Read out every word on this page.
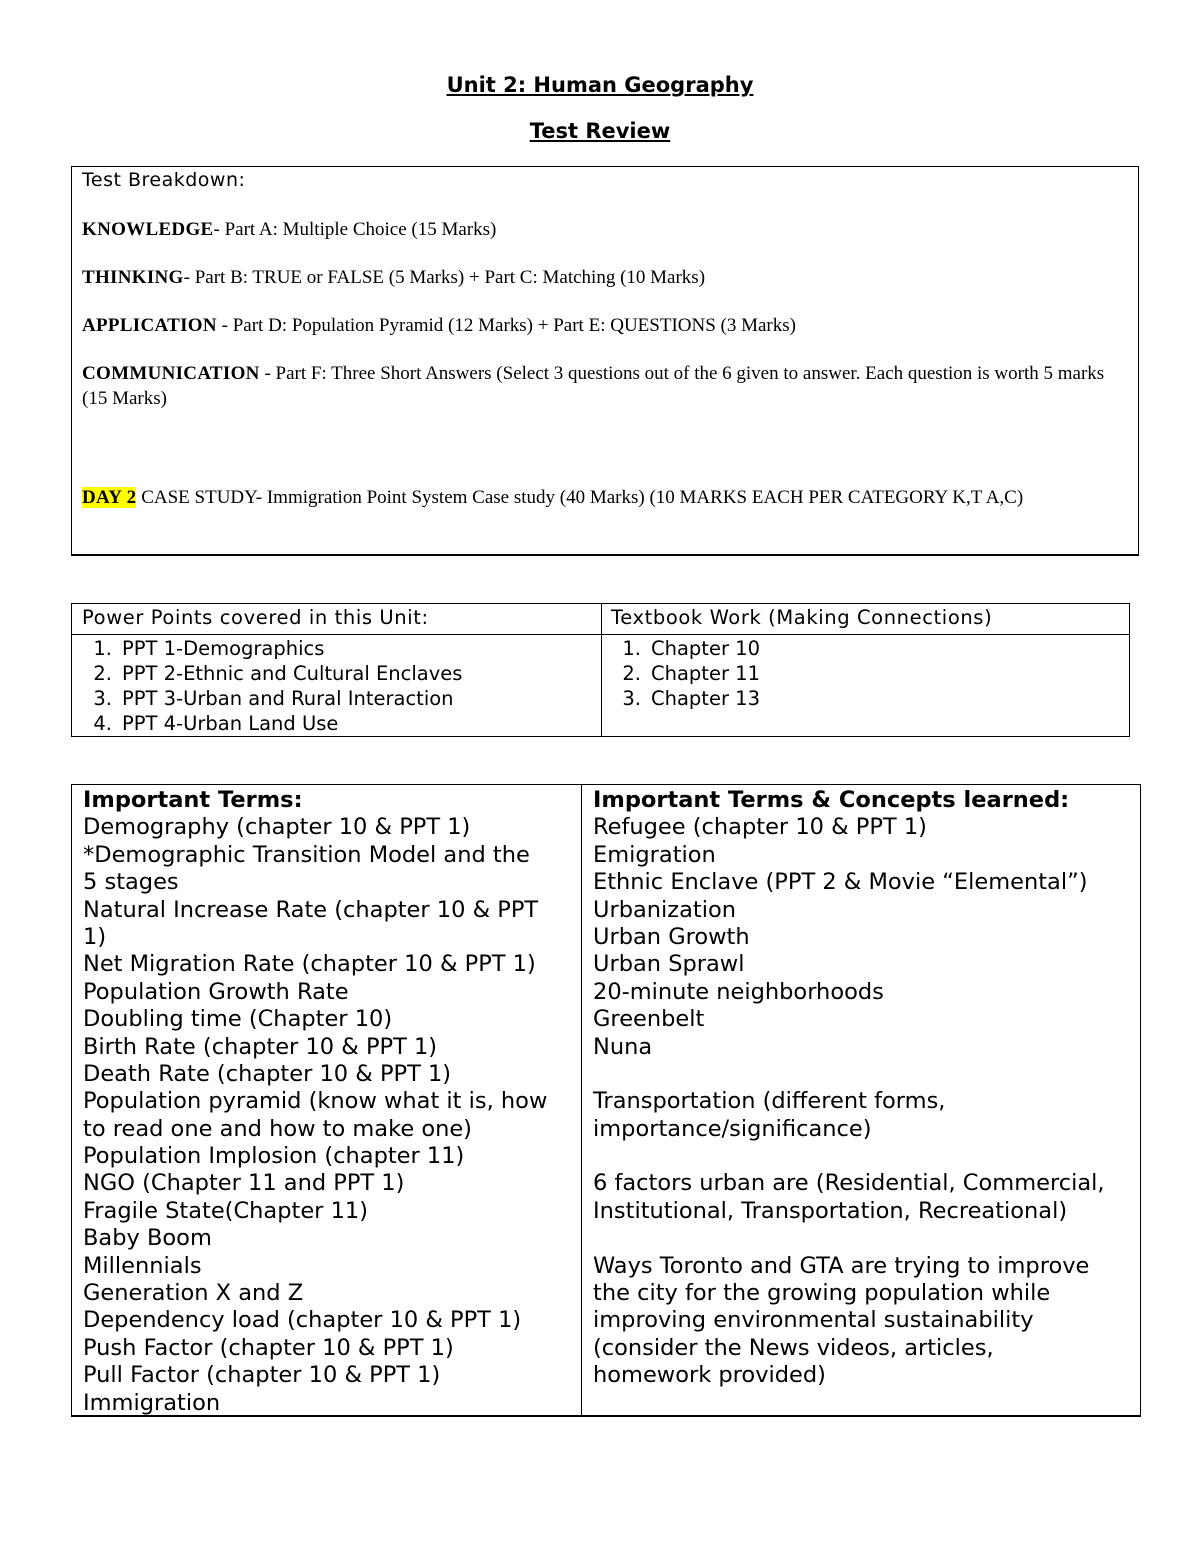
Unit 2: Human Geography
Test Review
Test Breakdown:
KNOWLEDGE- Part A: Multiple Choice (15 Marks)
THINKING- Part B: TRUE or FALSE (5 Marks) + Part C: Matching (10 Marks)
APPLICATION - Part D: Population Pyramid (12 Marks) + Part E: QUESTIONS (3 Marks)
COMMUNICATION - Part F: Three Short Answers (Select 3 questions out of the 6 given to answer. Each question is worth 5 marks (15 Marks)
DAY 2 CASE STUDY- Immigration Point System Case study (40 Marks) (10 MARKS EACH PER CATEGORY K,T A,C)
Power Points covered in this Unit:	Textbook Work (Making Connections)
1. PPT 1-Demographics
2. PPT 2-Ethnic and Cultural Enclaves
3. PPT 3-Urban and Rural Interaction
4. PPT 4-Urban Land Use
1. Chapter 10
2. Chapter 11
3. Chapter 13
Important Terms:
Demography (chapter 10 & PPT 1)
*Demographic Transition Model and the
5 stages
Natural Increase Rate (chapter 10 & PPT
1)
Net Migration Rate (chapter 10 & PPT 1)
Population Growth Rate
Doubling time (Chapter 10)
Birth Rate (chapter 10 & PPT 1)
Death Rate (chapter 10 & PPT 1)
Population pyramid (know what it is, how
to read one and how to make one)
Population Implosion (chapter 11)
NGO (Chapter 11 and PPT 1)
Fragile State(Chapter 11)
Baby Boom
Millennials
Generation X and Z
Dependency load (chapter 10 & PPT 1)
Push Factor (chapter 10 & PPT 1)
Pull Factor (chapter 10 & PPT 1)
Immigration
Important Terms & Concepts learned:
Refugee (chapter 10 & PPT 1)
Emigration
Ethnic Enclave (PPT 2 & Movie “Elemental”)
Urbanization
Urban Growth
Urban Sprawl
20-minute neighborhoods
Greenbelt
Nuna
Transportation (different forms,
importance/significance)
6 factors urban are (Residential, Commercial,
Institutional, Transportation, Recreational)
Ways Toronto and GTA are trying to improve
the city for the growing population while
improving environmental sustainability
(consider the News videos, articles,
homework provided)
